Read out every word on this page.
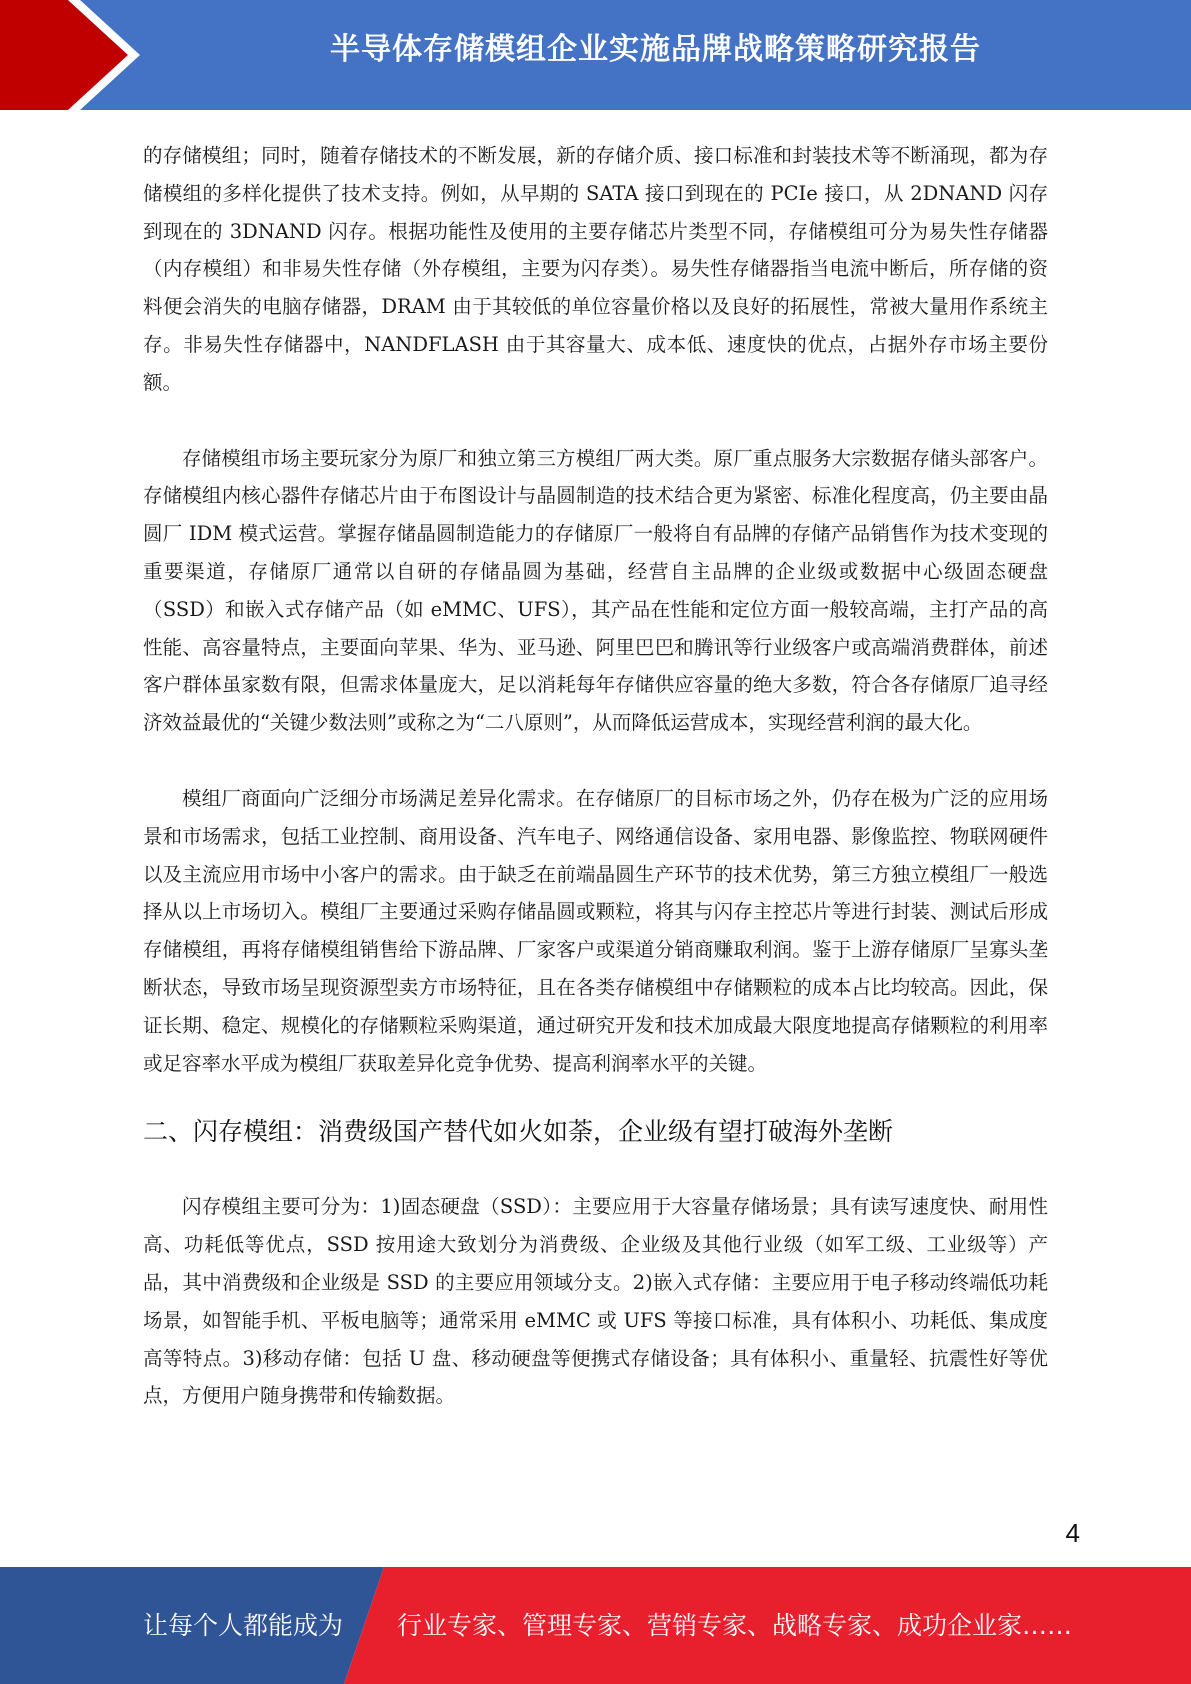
半导体存储模组企业实施品牌战略策略研究报告

的存储模组；同时，随着存储技术的不断发展，新的存储介质、接口标准和封装技术等不断涌现，都为存储模组的多样化提供了技术支持。例如，从早期的 SATA 接口到现在的 PCIe 接口，从 2DNAND 闪存到现在的 3DNAND 闪存。根据功能性及使用的主要存储芯片类型不同，存储模组可分为易失性存储器（内存模组）和非易失性存储（外存模组，主要为闪存类）。易失性存储器指当电流中断后，所存储的资料便会消失的电脑存储器，DRAM 由于其较低的单位容量价格以及良好的拓展性，常被大量用作系统主存。非易失性存储器中，NANDFLASH 由于其容量大、成本低、速度快的优点，占据外存市场主要份额。

存储模组市场主要玩家分为原厂和独立第三方模组厂两大类。原厂重点服务大宗数据存储头部客户。存储模组内核心器件存储芯片由于布图设计与晶圆制造的技术结合更为紧密、标准化程度高，仍主要由晶圆厂 IDM 模式运营。掌握存储晶圆制造能力的存储原厂一般将自有品牌的存储产品销售作为技术变现的重要渠道，存储原厂通常以自研的存储晶圆为基础，经营自主品牌的企业级或数据中心级固态硬盘（SSD）和嵌入式存储产品（如 eMMC、UFS），其产品在性能和定位方面一般较高端，主打产品的高性能、高容量特点，主要面向苹果、华为、亚马逊、阿里巴巴和腾讯等行业级客户或高端消费群体，前述客户群体虽家数有限，但需求体量庞大，足以消耗每年存储供应容量的绝大多数，符合各存储原厂追寻经济效益最优的“关键少数法则”或称之为“二八原则”，从而降低运营成本，实现经营利润的最大化。

模组厂商面向广泛细分市场满足差异化需求。在存储原厂的目标市场之外，仍存在极为广泛的应用场景和市场需求，包括工业控制、商用设备、汽车电子、网络通信设备、家用电器、影像监控、物联网硬件以及主流应用市场中小客户的需求。由于缺乏在前端晶圆生产环节的技术优势，第三方独立模组厂一般选择从以上市场切入。模组厂主要通过采购存储晶圆或颗粒，将其与闪存主控芯片等进行封装、测试后形成存储模组，再将存储模组销售给下游品牌、厂家客户或渠道分销商赚取利润。鉴于上游存储原厂呈寡头垄断状态，导致市场呈现资源型卖方市场特征，且在各类存储模组中存储颗粒的成本占比均较高。因此，保证长期、稳定、规模化的存储颗粒采购渠道，通过研究开发和技术加成最大限度地提高存储颗粒的利用率或足容率水平成为模组厂获取差异化竞争优势、提高利润率水平的关键。

二、闪存模组：消费级国产替代如火如荼，企业级有望打破海外垄断

闪存模组主要可分为：1)固态硬盘（SSD）：主要应用于大容量存储场景；具有读写速度快、耐用性高、功耗低等优点，SSD 按用途大致划分为消费级、企业级及其他行业级（如军工级、工业级等）产品，其中消费级和企业级是 SSD 的主要应用领域分支。2)嵌入式存储：主要应用于电子移动终端低功耗场景，如智能手机、平板电脑等；通常采用 eMMC 或 UFS 等接口标准，具有体积小、功耗低、集成度高等特点。3)移动存储：包括 U 盘、移动硬盘等便携式存储设备；具有体积小、重量轻、抗震性好等优点，方便用户随身携带和传输数据。

4
让每个人都能成为 行业专家、管理专家、营销专家、战略专家、成功企业家……
